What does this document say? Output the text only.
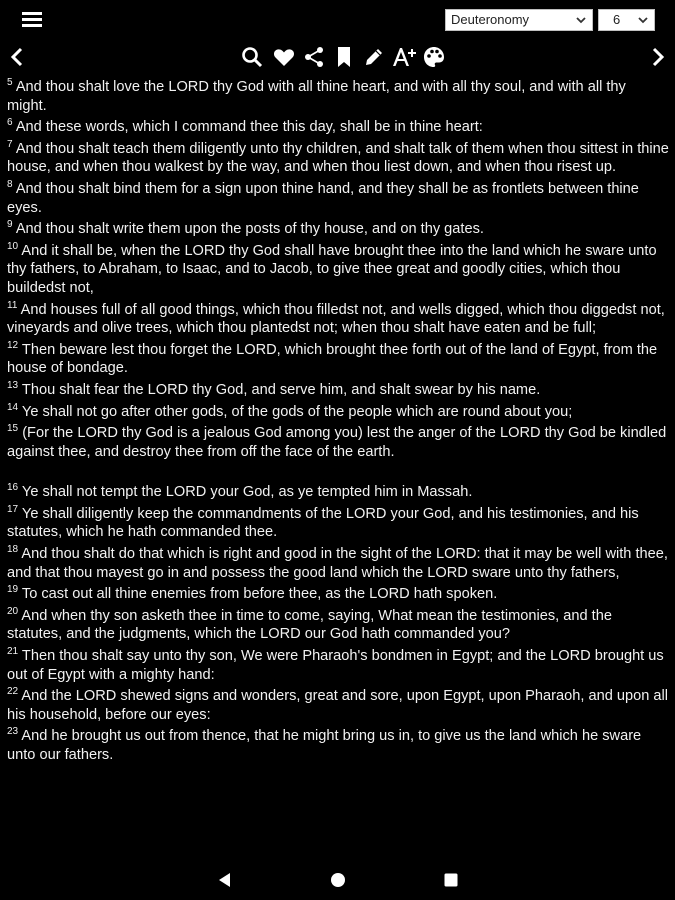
Deuteronomy	6
$^5$ And thou shalt love the LORD thy God with all thine heart, and with all thy soul, and with all thy might.
$^6$ And these words, which I command thee this day, shall be in thine heart:
$^7$ And thou shalt teach them diligently unto thy children, and shalt talk of them when thou sittest in thine house, and when thou walkest by the way, and when thou liest down, and when thou risest up.
$^8$ And thou shalt bind them for a sign upon thine hand, and they shall be as frontlets between thine eyes.
$^9$ And thou shalt write them upon the posts of thy house, and on thy gates.
$^{10}$ And it shall be, when the LORD thy God shall have brought thee into the land which he sware unto thy fathers, to Abraham, to Isaac, and to Jacob, to give thee great and goodly cities, which thou buildedst not,
$^{11}$ And houses full of all good things, which thou filledst not, and wells digged, which thou diggedst not, vineyards and olive trees, which thou plantedst not; when thou shalt have eaten and be full;
$^{12}$ Then beware lest thou forget the LORD, which brought thee forth out of the land of Egypt, from the house of bondage.
$^{13}$ Thou shalt fear the LORD thy God, and serve him, and shalt swear by his name.
$^{14}$ Ye shall not go after other gods, of the gods of the people which are round about you;
$^{15}$ (For the LORD thy God is a jealous God among you) lest the anger of the LORD thy God be kindled against thee, and destroy thee from off the face of the earth.
$^{16}$ Ye shall not tempt the LORD your God, as ye tempted him in Massah.
$^{17}$ Ye shall diligently keep the commandments of the LORD your God, and his testimonies, and his statutes, which he hath commanded thee.
$^{18}$ And thou shalt do that which is right and good in the sight of the LORD: that it may be well with thee, and that thou mayest go in and possess the good land which the LORD sware unto thy fathers,
$^{19}$ To cast out all thine enemies from before thee, as the LORD hath spoken.
$^{20}$ And when thy son asketh thee in time to come, saying, What mean the testimonies, and the statutes, and the judgments, which the LORD our God hath commanded you?
$^{21}$ Then thou shalt say unto thy son, We were Pharaoh's bondmen in Egypt; and the LORD brought us out of Egypt with a mighty hand:
$^{22}$ And the LORD shewed signs and wonders, great and sore, upon Egypt, upon Pharaoh, and upon all his household, before our eyes:
$^{23}$ And he brought us out from thence, that he might bring us in, to give us the land which he sware unto our fathers.
